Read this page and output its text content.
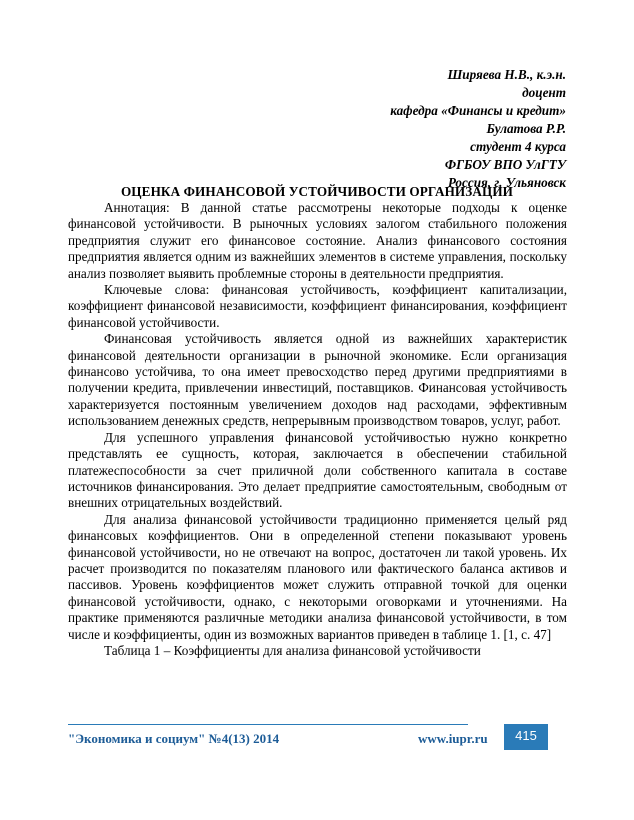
Ширяева Н.В., к.э.н.
доцент
кафедра «Финансы и кредит»
Булатова Р.Р.
студент 4 курса
ФГБОУ ВПО УлГТУ
Россия, г. Ульяновск
ОЦЕНКА ФИНАНСОВОЙ УСТОЙЧИВОСТИ ОРГАНИЗАЦИИ

Аннотация: В данной статье рассмотрены некоторые подходы к оценке финансовой устойчивости. В рыночных условиях залогом стабильного положения предприятия служит его финансовое состояние. Анализ финансового состояния предприятия является одним из важнейших элементов в системе управления, поскольку анализ позволяет выявить проблемные стороны в деятельности предприятия.

Ключевые слова: финансовая устойчивость, коэффициент капитализации, коэффициент финансовой независимости, коэффициент финансирования, коэффициент финансовой устойчивости.

Финансовая устойчивость является одной из важнейших характеристик финансовой деятельности организации в рыночной экономике. Если организация финансово устойчива, то она имеет превосходство перед другими предприятиями в получении кредита, привлечении инвестиций, поставщиков. Финансовая устойчивость характеризуется постоянным увеличением доходов над расходами, эффективным использованием денежных средств, непрерывным производством товаров, услуг, работ.

Для успешного управления финансовой устойчивостью нужно конкретно представлять ее сущность, которая, заключается в обеспечении стабильной платежеспособности за счет приличной доли собственного капитала в составе источников финансирования. Это делает предприятие самостоятельным, свободным от внешних отрицательных воздействий.

Для анализа финансовой устойчивости традиционно применяется целый ряд финансовых коэффициентов. Они в определенной степени показывают уровень финансовой устойчивости, но не отвечают на вопрос, достаточен ли такой уровень. Их расчет производится по показателям планового или фактического баланса активов и пассивов. Уровень коэффициентов может служить отправной точкой для оценки финансовой устойчивости, однако, с некоторыми оговорками и уточнениями. На практике применяются различные методики анализа финансовой устойчивости, в том числе и коэффициенты, один из возможных вариантов приведен в таблице 1. [1, с. 47]

Таблица 1 – Коэффициенты для анализа финансовой устойчивости

"Экономика и социум" №4(13) 2014	www.iupr.ru	415
